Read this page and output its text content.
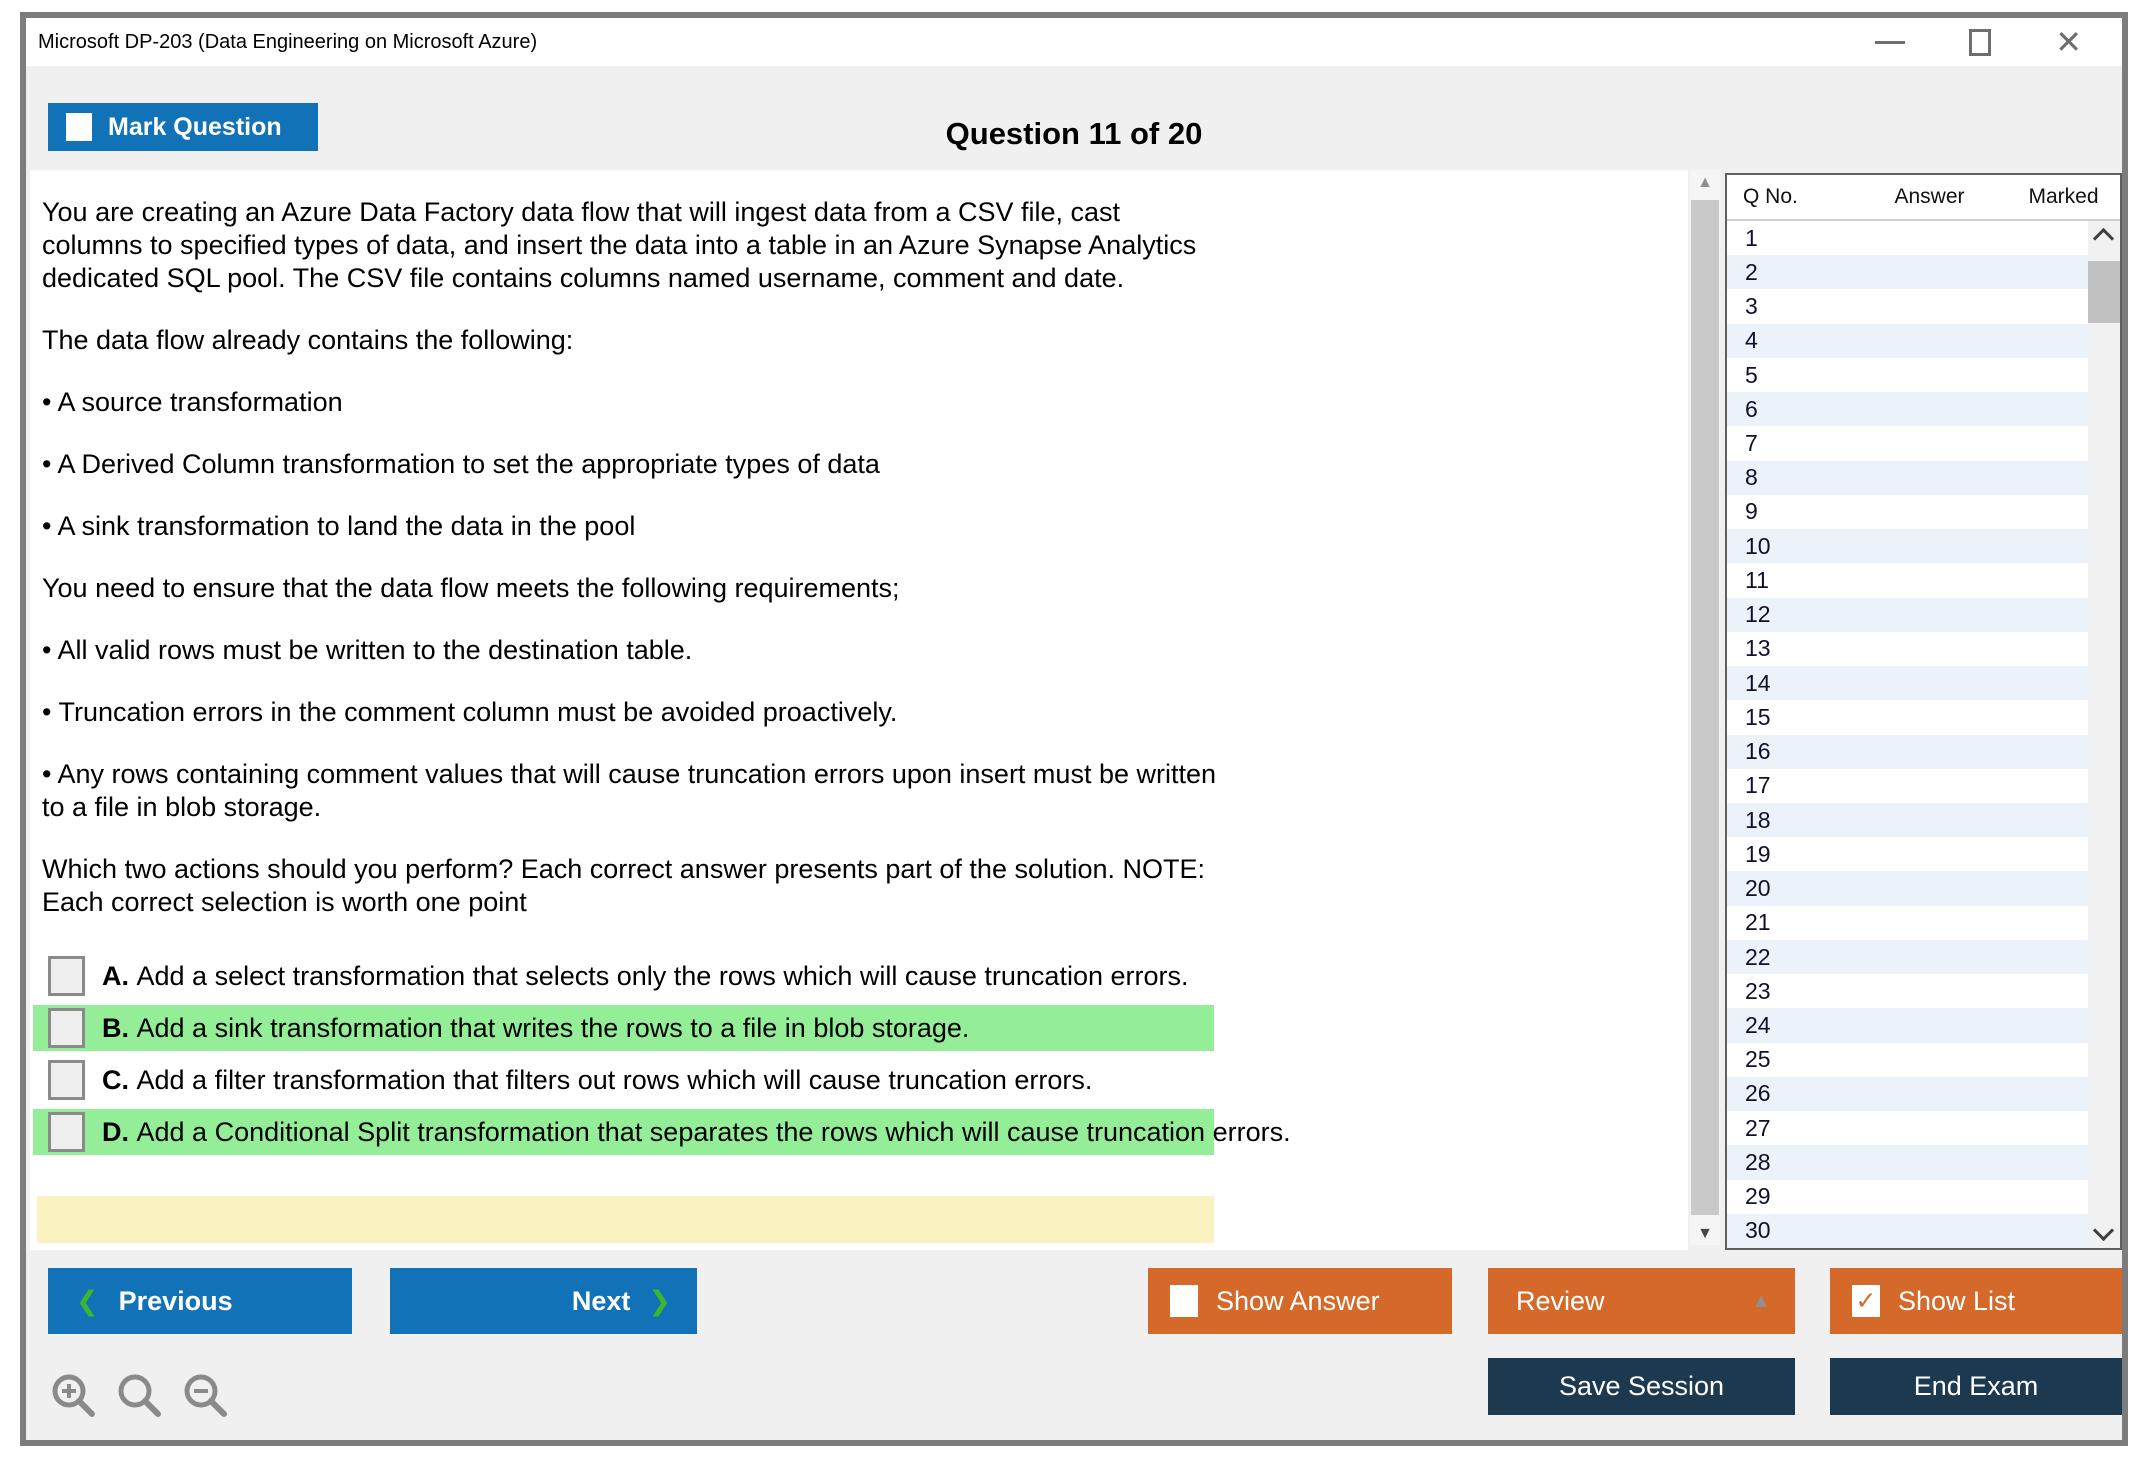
Microsoft DP-203 (Data Engineering on Microsoft Azure)	✕
Mark Question	Question 11 of 20

You are creating an Azure Data Factory data flow that will ingest data from a CSV file, cast columns to specified types of data, and insert the data into a table in an Azure Synapse Analytics dedicated SQL pool. The CSV file contains columns named username, comment and date.

The data flow already contains the following:

• A source transformation

• A Derived Column transformation to set the appropriate types of data

• A sink transformation to land the data in the pool

You need to ensure that the data flow meets the following requirements;

• All valid rows must be written to the destination table.

• Truncation errors in the comment column must be avoided proactively.

• Any rows containing comment values that will cause truncation errors upon insert must be written to a file in blob storage.

Which two actions should you perform? Each correct answer presents part of the solution. NOTE: Each correct selection is worth one point

A. Add a select transformation that selects only the rows which will cause truncation errors.
B. Add a sink transformation that writes the rows to a file in blob storage.
C. Add a filter transformation that filters out rows which will cause truncation errors.
D. Add a Conditional Split transformation that separates the rows which will cause truncation errors.
▲
▼
Q No.	Answer	Marked
1
2
3
4
5
6
7
8
9
10
11
12
13
14
15
16
17
18
19
20
21
22
23
24
25
26
27
28
29
30
❮ Previous	Next ❯	Show Answer	Review	▲	✓ Show List
Save Session	End Exam
